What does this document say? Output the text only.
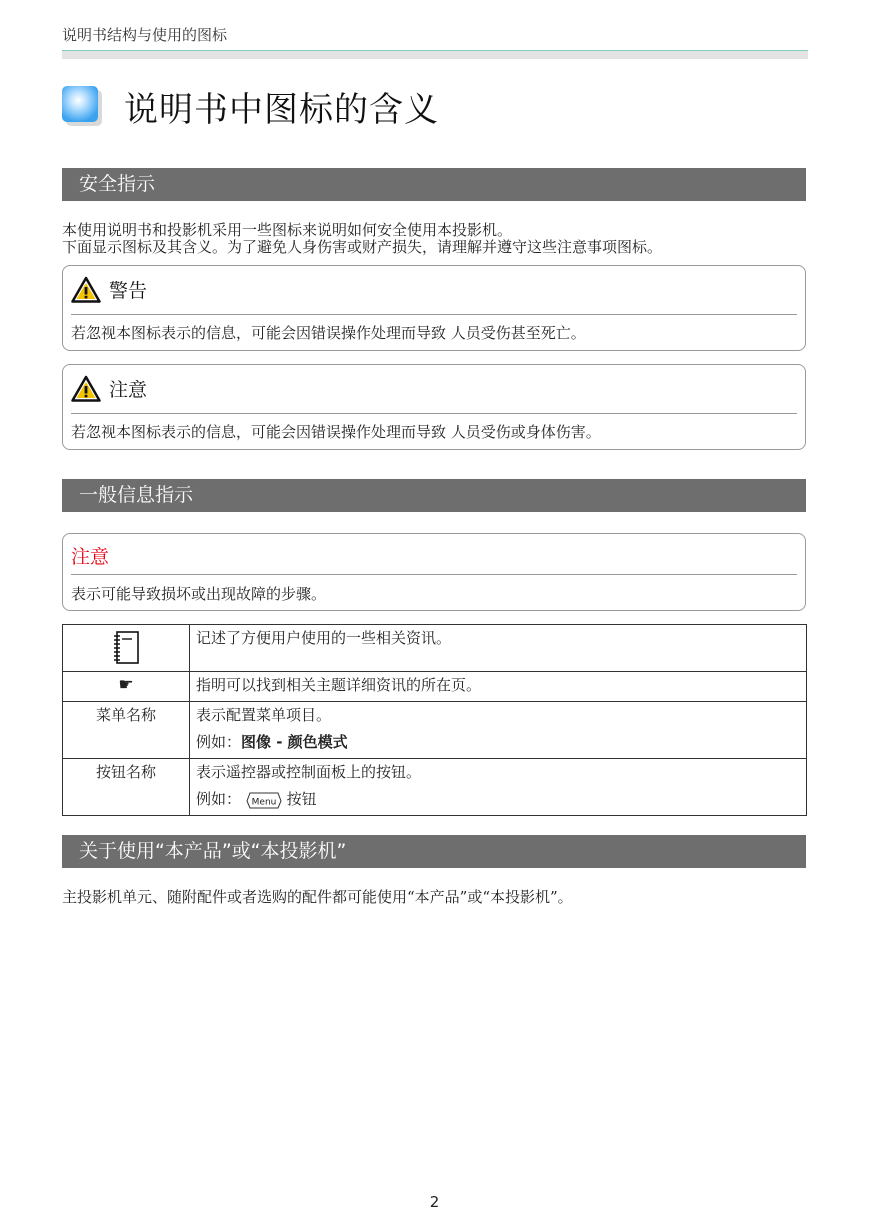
说明书结构与使用的图标
说明书中图标的含义
安全指示
本使用说明书和投影机采用一些图标来说明如何安全使用本投影机。
下面显示图标及其含义。为了避免人身伤害或财产损失，请理解并遵守这些注意事项图标。
警告
若忽视本图标表示的信息，可能会因错误操作处理而导致 人员受伤甚至死亡。
注意
若忽视本图标表示的信息，可能会因错误操作处理而导致 人员受伤或身体伤害。
一般信息指示
注意
表示可能导致损坏或出现故障的步骤。

记述了方便用户使用的一些相关资讯。

☛	指明可以找到相关主题详细资讯的所在页。

菜单名称	表示配置菜单项目。
例如：图像 - 颜色模式

按钮名称	表示遥控器或控制面板上的按钮。
例如： Menu 按钮
关于使用“本产品”或“本投影机”
主投影机单元、随附配件或者选购的配件都可能使用“本产品”或“本投影机”。
2
